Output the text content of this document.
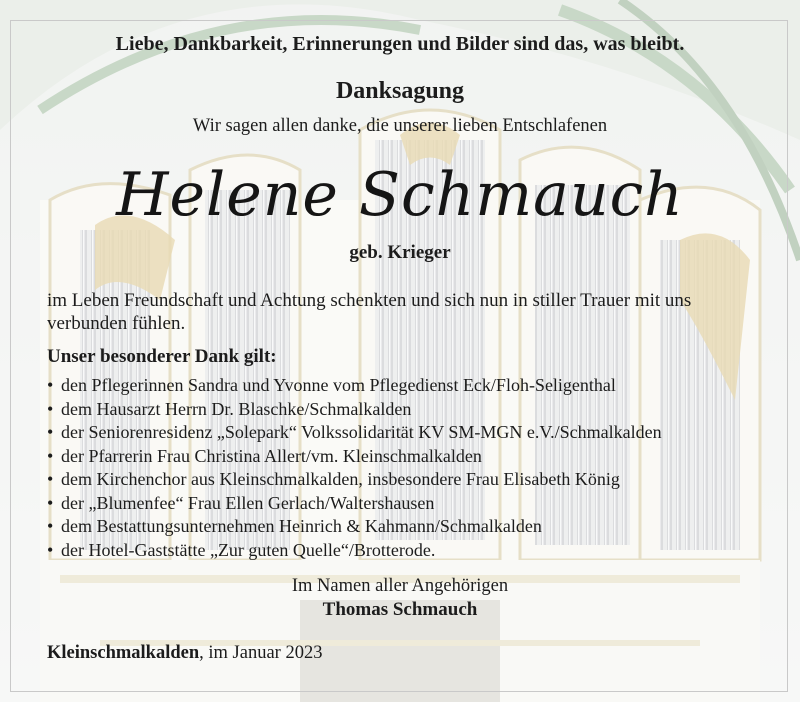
Liebe, Dankbarkeit, Erinnerungen und Bilder sind das, was bleibt.
Danksagung
Wir sagen allen danke, die unserer lieben Entschlafenen
Helene Schmauch
geb. Krieger
im Leben Freundschaft und Achtung schenkten und sich nun in stiller Trauer mit uns verbunden fühlen.
Unser besonderer Dank gilt:
• den Pflegerinnen Sandra und Yvonne vom Pflegedienst Eck/Floh-Seligenthal
• dem Hausarzt Herrn Dr. Blaschke/Schmalkalden
• der Seniorenresidenz „Solepark“ Volkssolidarität KV SM-MGN e.V./Schmalkalden
• der Pfarrerin Frau Christina Allert/vm. Kleinschmalkalden
• dem Kirchenchor aus Kleinschmalkalden, insbesondere Frau Elisabeth König
• der „Blumenfee“ Frau Ellen Gerlach/Waltershausen
• dem Bestattungsunternehmen Heinrich & Kahmann/Schmalkalden
• der Hotel-Gaststätte „Zur guten Quelle“/Brotterode.
Im Namen aller Angehörigen
Thomas Schmauch
Kleinschmalkalden, im Januar 2023
